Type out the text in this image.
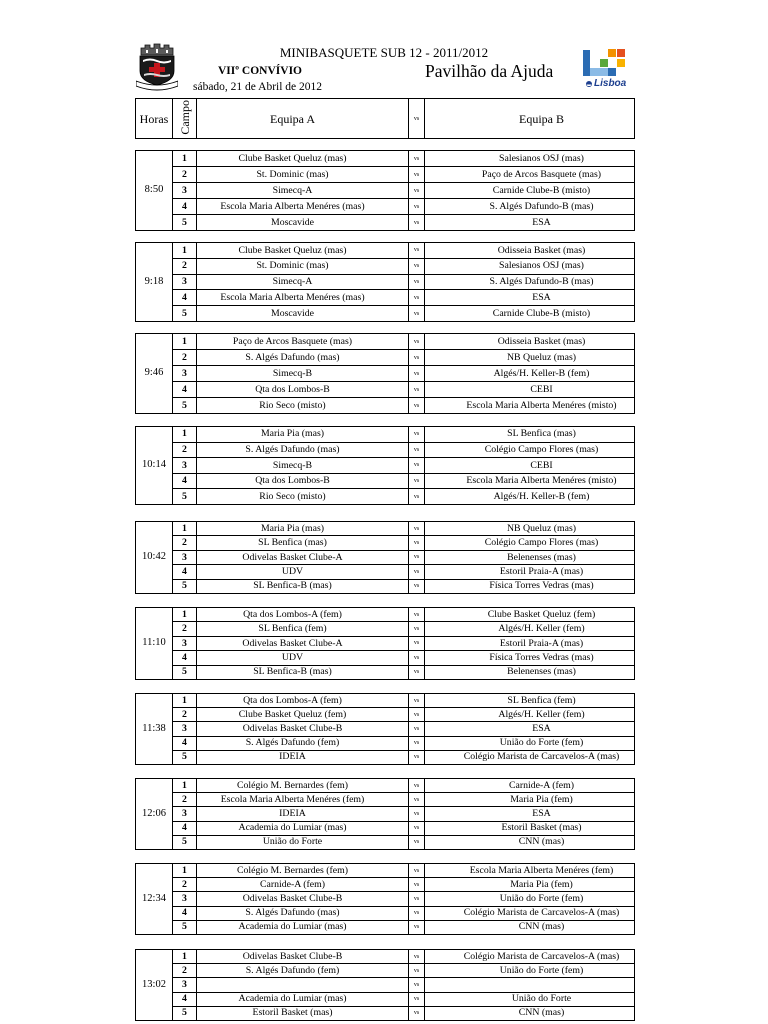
MINIBASQUETE SUB 12 - 2011/2012
VIIº CONVÍVIO	Pavilhão da Ajuda
sábado, 21 de Abril de 2012	Lisboa
Horas	Campo	Equipa A	vs	Equipa B
8:50	1	Clube Basket Queluz (mas)	vs	Salesianos OSJ (mas)
	2	St. Dominic (mas)	vs	Paço de Arcos Basquete (mas)
	3	Simecq-A	vs	Carnide Clube-B (misto)
	4	Escola Maria Alberta Menéres (mas)	vs	S. Algés Dafundo-B (mas)
	5	Moscavide	vs	ESA
9:18	1	Clube Basket Queluz (mas)	vs	Odisseia Basket (mas)
	2	St. Dominic (mas)	vs	Salesianos OSJ (mas)
	3	Simecq-A	vs	S. Algés Dafundo-B (mas)
	4	Escola Maria Alberta Menéres (mas)	vs	ESA
	5	Moscavide	vs	Carnide Clube-B (misto)
9:46	1	Paço de Arcos Basquete (mas)	vs	Odisseia Basket (mas)
	2	S. Algés Dafundo (mas)	vs	NB Queluz (mas)
	3	Simecq-B	vs	Algés/H. Keller-B (fem)
	4	Qta dos Lombos-B	vs	CEBI
	5	Rio Seco (misto)	vs	Escola Maria Alberta Menéres (misto)
10:14	1	Maria Pia (mas)	vs	SL Benfica (mas)
	2	S. Algés Dafundo (mas)	vs	Colégio Campo Flores (mas)
	3	Simecq-B	vs	CEBI
	4	Qta dos Lombos-B	vs	Escola Maria Alberta Menéres (misto)
	5	Rio Seco (misto)	vs	Algés/H. Keller-B (fem)
10:42	1	Maria Pia (mas)	vs	NB Queluz (mas)
	2	SL Benfica (mas)	vs	Colégio Campo Flores (mas)
	3	Odivelas Basket Clube-A	vs	Belenenses (mas)
	4	UDV	vs	Estoril Praia-A (mas)
	5	SL Benfica-B (mas)	vs	Física Torres Vedras (mas)
11:10	1	Qta dos Lombos-A (fem)	vs	Clube Basket Queluz (fem)
	2	SL Benfica (fem)	vs	Algés/H. Keller (fem)
	3	Odivelas Basket Clube-A	vs	Estoril Praia-A (mas)
	4	UDV	vs	Física Torres Vedras (mas)
	5	SL Benfica-B (mas)	vs	Belenenses (mas)
11:38	1	Qta dos Lombos-A (fem)	vs	SL Benfica (fem)
	2	Clube Basket Queluz (fem)	vs	Algés/H. Keller (fem)
	3	Odivelas Basket Clube-B	vs	ESA
	4	S. Algés Dafundo (fem)	vs	União do Forte (fem)
	5	IDEIA	vs	Colégio Marista de Carcavelos-A (mas)
12:06	1	Colégio M. Bernardes (fem)	vs	Carnide-A (fem)
	2	Escola Maria Alberta Menéres (fem)	vs	Maria Pia (fem)
	3	IDEIA	vs	ESA
	4	Academia do Lumiar (mas)	vs	Estoril Basket (mas)
	5	União do Forte	vs	CNN (mas)
12:34	1	Colégio M. Bernardes (fem)	vs	Escola Maria Alberta Menéres (fem)
	2	Carnide-A (fem)	vs	Maria Pia (fem)
	3	Odivelas Basket Clube-B	vs	União do Forte (fem)
	4	S. Algés Dafundo (mas)	vs	Colégio Marista de Carcavelos-A (mas)
	5	Academia do Lumiar (mas)	vs	CNN (mas)
13:02	1	Odivelas Basket Clube-B	vs	Colégio Marista de Carcavelos-A (mas)
	2	S. Algés Dafundo (fem)	vs	União do Forte (fem)
	3		vs	
	4	Academia do Lumiar (mas)	vs	União do Forte
	5	Estoril Basket (mas)	vs	CNN (mas)
